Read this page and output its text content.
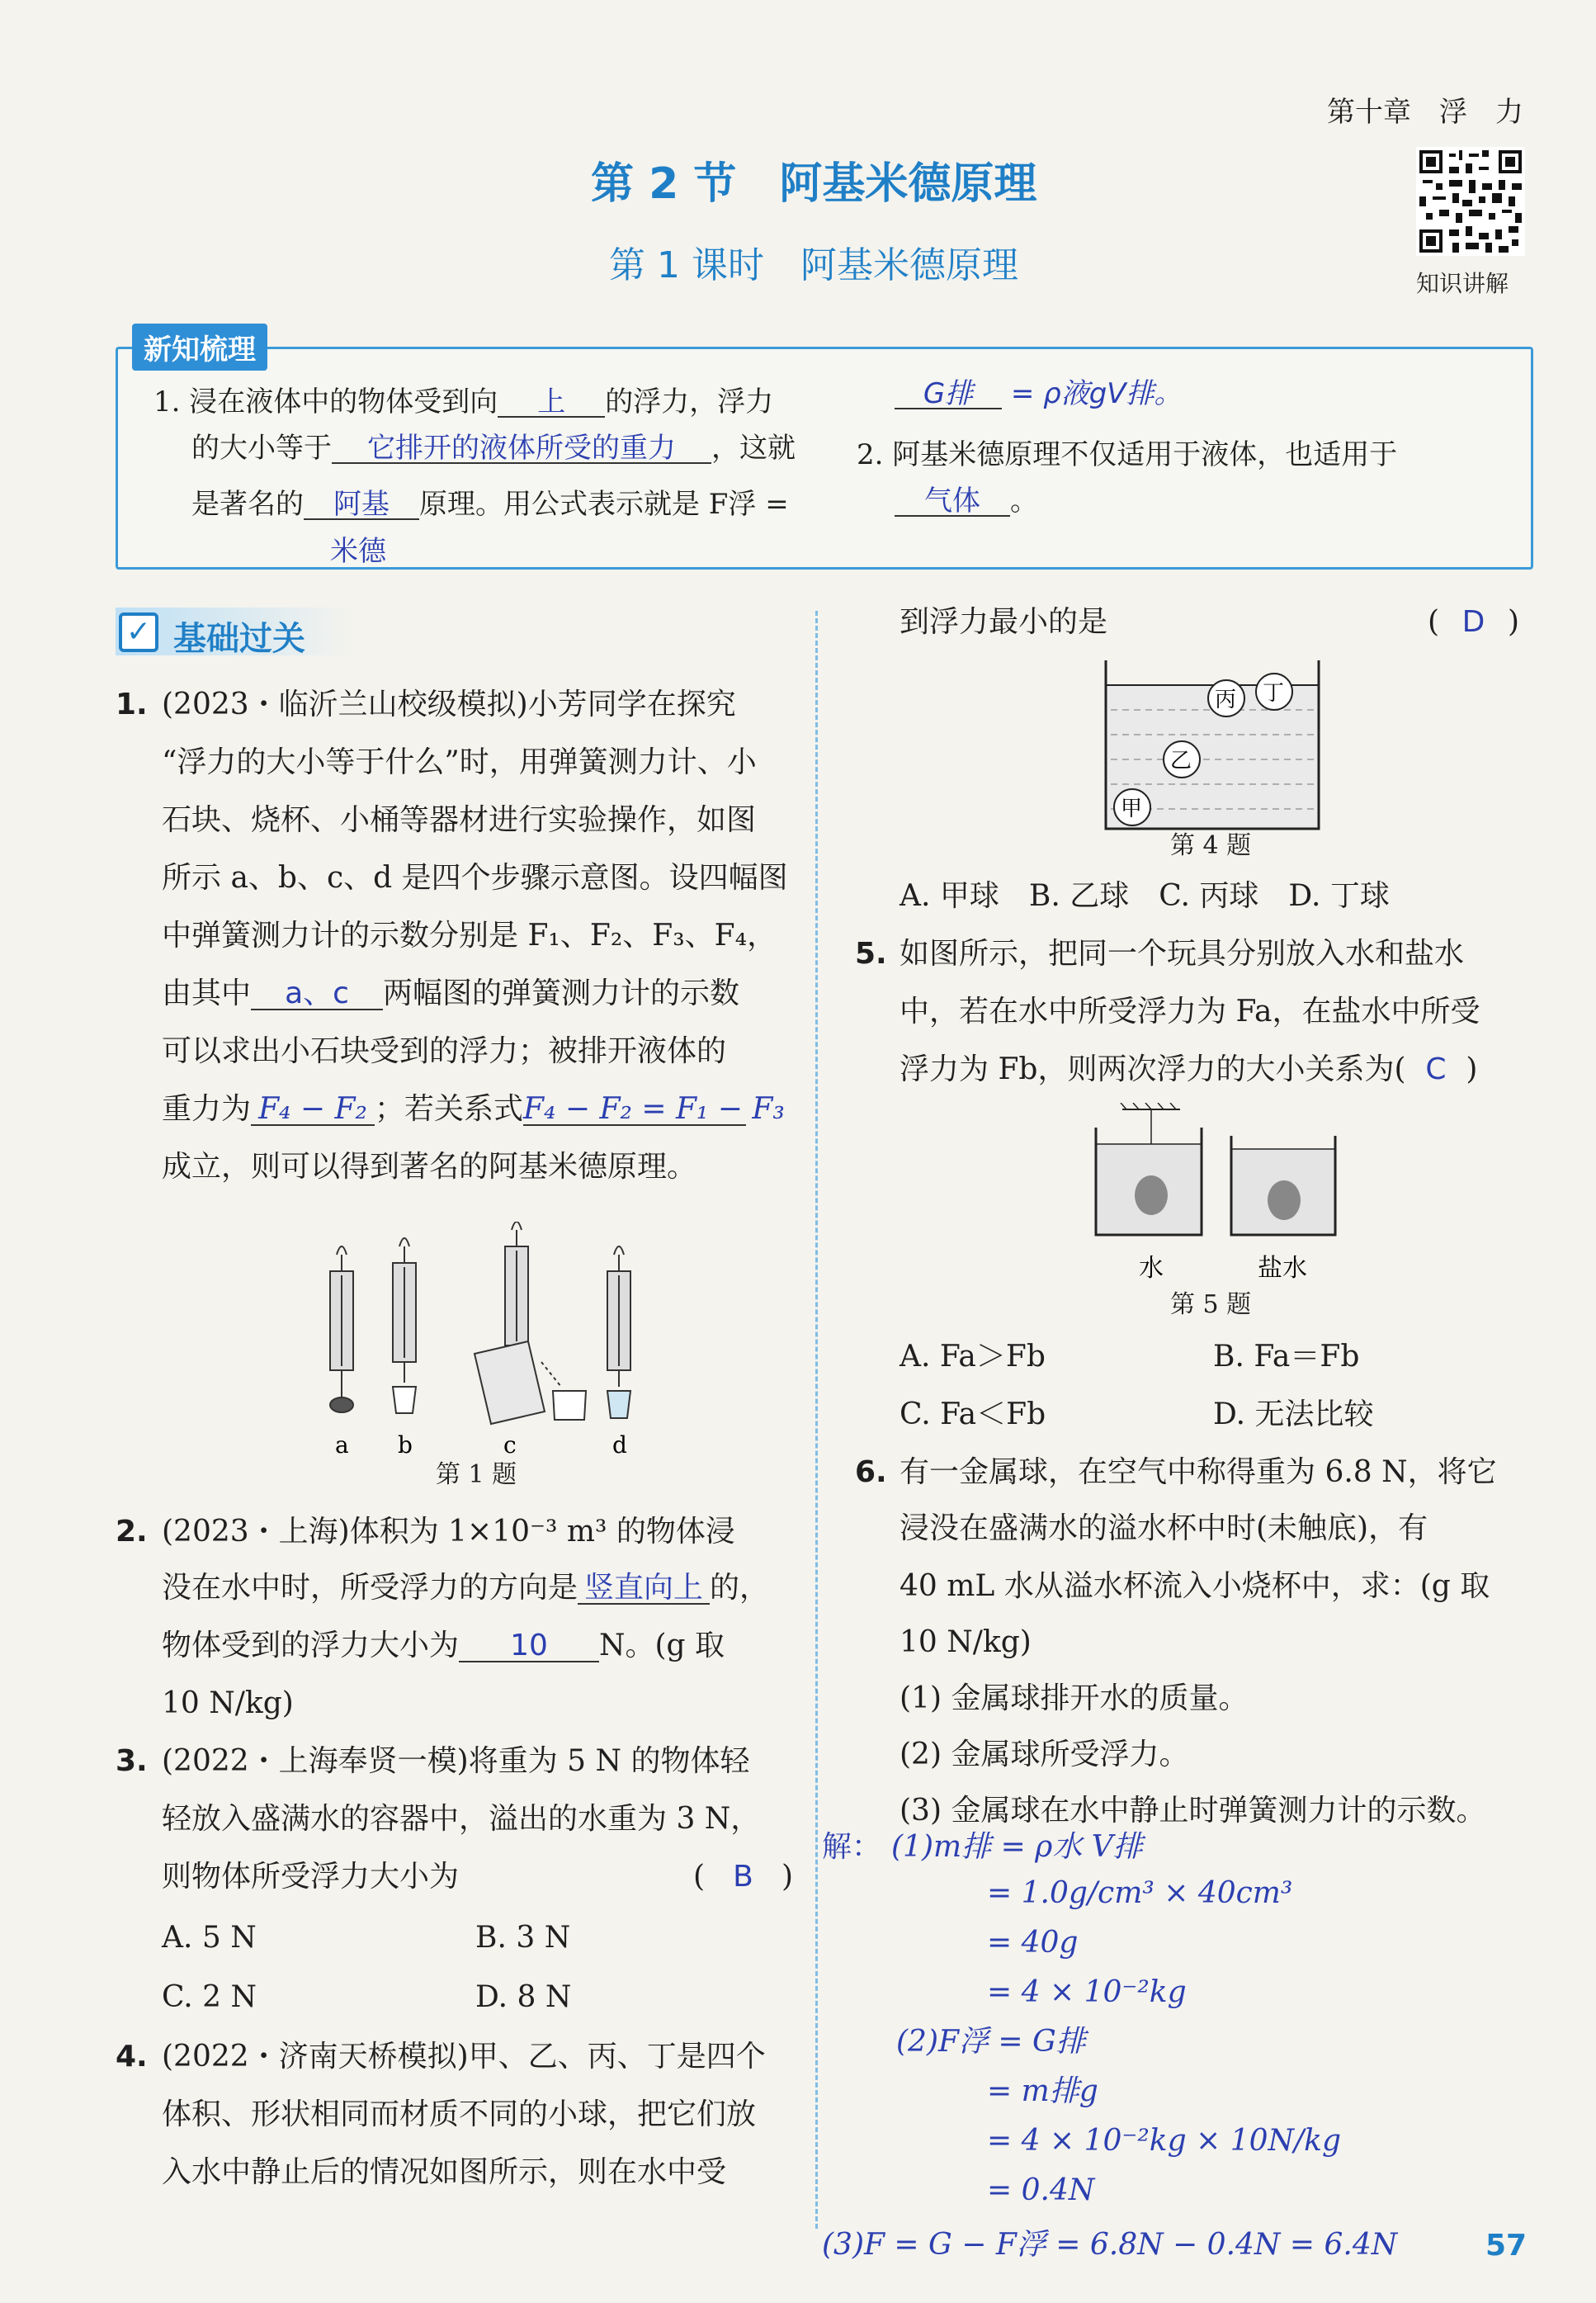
第十章　浮　力
第 2 节　阿基米德原理
第 1 课时　阿基米德原理	知识讲解
新知梳理
1. 浸在液体中的物体受到向 上 的浮力，浮力
的大小等于 它排开的液体所受的重力 ，这就
是著名的 阿基 原理。用公式表示就是 F浮 =
米德
G排 = ρ液gV排。
2. 阿基米德原理不仅适用于液体，也适用于
气体 。
✓ 基础过关
1. (2023・临沂兰山校级模拟)小芳同学在探究
“浮力的大小等于什么”时，用弹簧测力计、小
石块、烧杯、小桶等器材进行实验操作，如图
所示 a、b、c、d 是四个步骤示意图。设四幅图
中弹簧测力计的示数分别是 F₁、F₂、F₃、F₄，
由其中 a、c 两幅图的弹簧测力计的示数
可以求出小石块受到的浮力；被排开液体的
重力为 F₄ − F₂ ；若关系式F₄ − F₂ = F₁ − F₃
成立，则可以得到著名的阿基米德原理。
a b	c	d
第 1 题
2. (2023・上海)体积为 1×10⁻³ m³ 的物体浸
没在水中时，所受浮力的方向是 竖直向上 的，
物体受到的浮力大小为 10 N。(g 取
10 N/kg)
3. (2022・上海奉贤一模)将重为 5 N 的物体轻
轻放入盛满水的容器中，溢出的水重为 3 N，
则物体所受浮力大小为	( B )
A. 5 N	B. 3 N
C. 2 N	D. 8 N
4. (2022・济南天桥模拟)甲、乙、丙、丁是四个
体积、形状相同而材质不同的小球，把它们放
入水中静止后的情况如图所示，则在水中受
到浮力最小的是	( D )
丙 丁
乙
甲
第 4 题
A. 甲球　B. 乙球　C. 丙球　D. 丁球
5. 如图所示，把同一个玩具分别放入水和盐水
中，若在水中所受浮力为 Fa，在盐水中所受
浮力为 Fb，则两次浮力的大小关系为( C )
水	盐水
第 5 题
A. Fa＞Fb	B. Fa＝Fb
C. Fa＜Fb	D. 无法比较
6. 有一金属球，在空气中称得重为 6.8 N，将它
浸没在盛满水的溢水杯中时(未触底)，有
40 mL 水从溢水杯流入小烧杯中，求：(g 取
10 N/kg)
(1) 金属球排开水的质量。
(2) 金属球所受浮力。
(3) 金属球在水中静止时弹簧测力计的示数。
解： (1)m排 = ρ水 V排
= 1.0g/cm³ × 40cm³
= 40g
= 4 × 10⁻²kg
(2)F浮 = G排
= m排g
= 4 × 10⁻²kg × 10N/kg
= 0.4N
(3)F = G − F浮 = 6.8N − 0.4N = 6.4N	57
